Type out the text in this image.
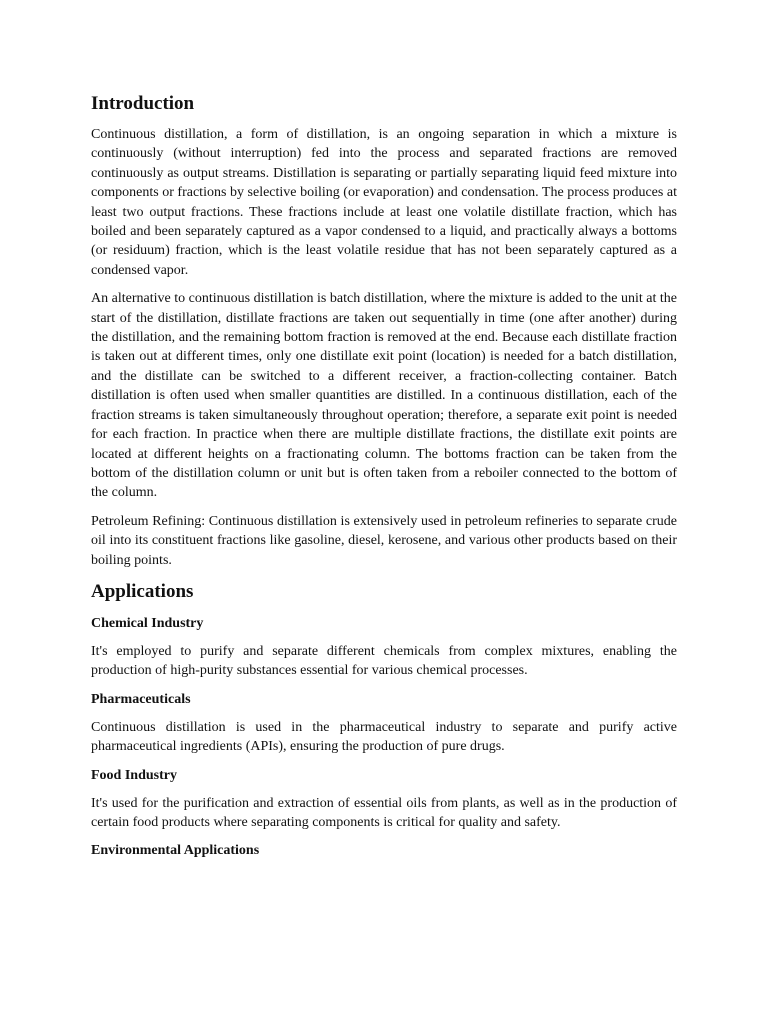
Introduction

Continuous distillation, a form of distillation, is an ongoing separation in which a mixture is continuously (without interruption) fed into the process and separated fractions are removed continuously as output streams. Distillation is separating or partially separating liquid feed mixture into components or fractions by selective boiling (or evaporation) and condensation. The process produces at least two output fractions. These fractions include at least one volatile distillate fraction, which has boiled and been separately captured as a vapor condensed to a liquid, and practically always a bottoms (or residuum) fraction, which is the least volatile residue that has not been separately captured as a condensed vapor.

An alternative to continuous distillation is batch distillation, where the mixture is added to the unit at the start of the distillation, distillate fractions are taken out sequentially in time (one after another) during the distillation, and the remaining bottom fraction is removed at the end. Because each distillate fraction is taken out at different times, only one distillate exit point (location) is needed for a batch distillation, and the distillate can be switched to a different receiver, a fraction-collecting container. Batch distillation is often used when smaller quantities are distilled. In a continuous distillation, each of the fraction streams is taken simultaneously throughout operation; therefore, a separate exit point is needed for each fraction. In practice when there are multiple distillate fractions, the distillate exit points are located at different heights on a fractionating column. The bottoms fraction can be taken from the bottom of the distillation column or unit but is often taken from a reboiler connected to the bottom of the column.

Petroleum Refining: Continuous distillation is extensively used in petroleum refineries to separate crude oil into its constituent fractions like gasoline, diesel, kerosene, and various other products based on their boiling points.

Applications
Chemical Industry

It's employed to purify and separate different chemicals from complex mixtures, enabling the production of high-purity substances essential for various chemical processes.

Pharmaceuticals

Continuous distillation is used in the pharmaceutical industry to separate and purify active pharmaceutical ingredients (APIs), ensuring the production of pure drugs.

Food Industry

It's used for the purification and extraction of essential oils from plants, as well as in the production of certain food products where separating components is critical for quality and safety.

Environmental Applications
